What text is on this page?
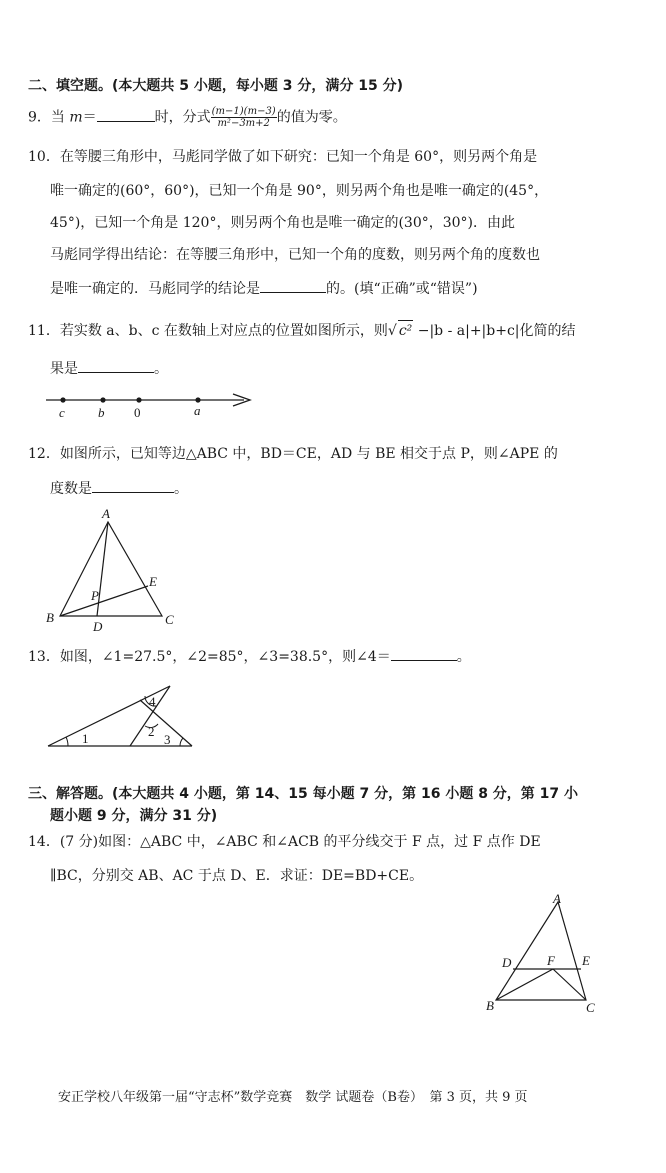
二、填空题。(本大题共 5 小题，每小题 3 分，满分 15 分)
9．当 m＝	时，分式 $\frac{(m-1)(m-3)}{\text{m²−3m+2}}$ 的值为零。
10．在等腰三角形中，马彪同学做了如下研究：已知一个角是 60°，则另两个角是
唯一确定的(60°，60°)，已知一个角是 90°，则另两个角也是唯一确定的(45°，
45°)，已知一个角是 120°，则另两个角也是唯一确定的(30°，30°)．由此
马彪同学得出结论：在等腰三角形中，已知一个角的度数，则另两个角的度数也
是唯一确定的．马彪同学的结论是	的。(填“正确”或“错误”)
11．若实数 a、b、c 在数轴上对应点的位置如图所示，则√ c² −|b - a|+|b+c|化简的结
果是	。
c	b 0	a
12．如图所示，已知等边△ABC 中，BD＝CE，AD 与 BE 相交于点 P，则∠APE 的
度数是	。
A
B	C
D
E
P
13．如图，∠1=27.5°，∠2=85°，∠3=38.5°，则∠4＝	。
1	2
3
4
三、解答题。(本大题共 4 小题，第 14、15 每小题 7 分，第 16 小题 8 分，第 17 小
题小题 9 分，满分 31 分)
14．(7 分)如图：△ABC 中，∠ABC 和∠ACB 的平分线交于 F 点，过 F 点作 DE
∥BC，分别交 AB、AC 于点 D、E．求证：DE=BD+CE。
A
B	C
D	E
F
安正学校八年级第一届“守志杯”数学竞赛　数学 试题卷（B卷）　第 3 页，共 9 页
